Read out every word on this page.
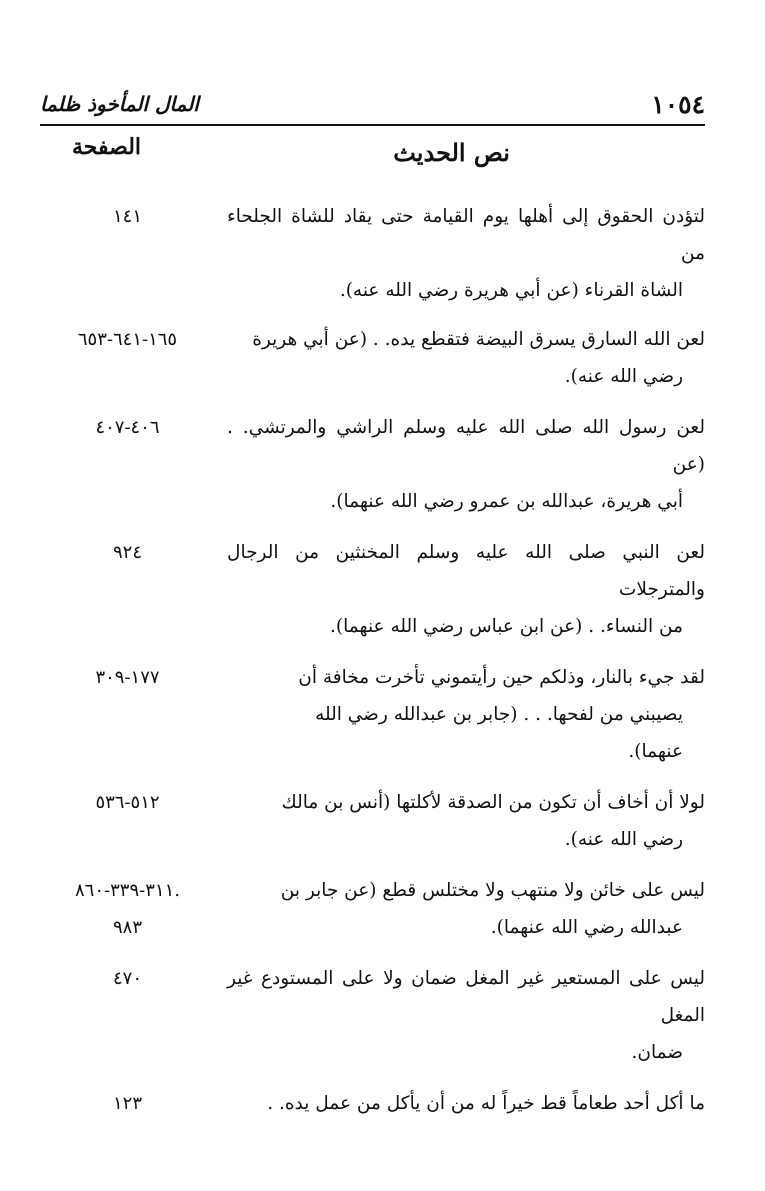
١٠٥٤
المال المأخوذ ظلما
نص الحديث
الصفحة
لتؤدن الحقوق إلى أهلها يوم القيامة حتى يقاد للشاة الجلحاء من
الشاة القرناء (عن أبي هريرة رضي الله عنه).
١٤١
لعن الله السارق يسرق البيضة فتقطع يده. . (عن أبي هريرة
رضي الله عنه).
١٦٥-٦٤١-٦٥٣
لعن رسول الله صلى الله عليه وسلم الراشي والمرتشي. . (عن
أبي هريرة، عبدالله بن عمرو رضي الله عنهما).
٤٠٦-٤٠٧
لعن النبي صلى الله عليه وسلم المخنثين من الرجال والمترجلات
من النساء. . (عن ابن عباس رضي الله عنهما).
٩٢٤
لقد جيء بالنار، وذلكم حين رأيتموني تأخرت مخافة أن
يصيبني من لفحها. . . (جابر بن عبدالله رضي الله
عنهما).
١٧٧-٣٠٩
لولا أن أخاف أن تكون من الصدقة لأكلتها (أنس بن مالك
رضي الله عنه).
٥١٢-٥٣٦
ليس على خائن ولا منتهب ولا مختلس قطع (عن جابر بن
عبدالله رضي الله عنهما).
٣١١-٣٣٩-٨٦٠.
٩٨٣
ليس على المستعير غير المغل ضمان ولا على المستودع غير المغل
ضمان.
٤٧٠
ما أكل أحد طعاماً قط خيراً له من أن يأكل من عمل يده. .
١٢٣
